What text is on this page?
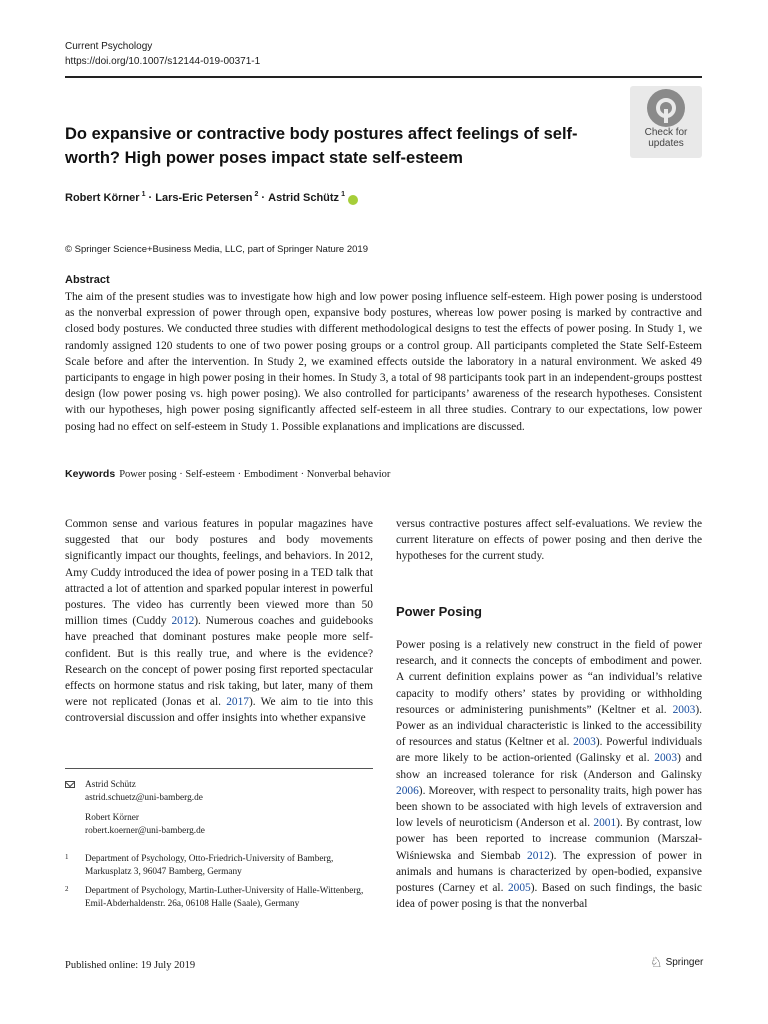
Current Psychology
https://doi.org/10.1007/s12144-019-00371-1
Check for
updates
Do expansive or contractive body postures affect feelings of self-worth? High power poses impact state self-esteem
Robert Körner $^1$ · Lars-Eric Petersen $^2$ · Astrid Schütz $^1$
© Springer Science+Business Media, LLC, part of Springer Nature 2019
Abstract
The aim of the present studies was to investigate how high and low power posing influence self-esteem. High power posing is understood as the nonverbal expression of power through open, expansive body postures, whereas low power posing is marked by contractive and closed body postures. We conducted three studies with different methodological designs to test the effects of power posing. In Study 1, we randomly assigned 120 students to one of two power posing groups or a control group. All participants completed the State Self-Esteem Scale before and after the intervention. In Study 2, we examined effects outside the laboratory in a natural environment. We asked 49 participants to engage in high power posing in their homes. In Study 3, a total of 98 participants took part in an independent-groups posttest design (low power posing vs. high power posing). We also controlled for participants’ awareness of the research hypotheses. Consistent with our hypotheses, high power posing significantly affected self-esteem in all three studies. Contrary to our expectations, low power posing had no effect on self-esteem in Study 1. Possible explanations and implications are discussed.
Keywords Power posing · Self-esteem · Embodiment · Nonverbal behavior
Common sense and various features in popular magazines have suggested that our body postures and body movements significantly impact our thoughts, feelings, and behaviors. In 2012, Amy Cuddy introduced the idea of power posing in a TED talk that attracted a lot of attention and sparked popular interest in powerful postures. The video has currently been viewed more than 50 million times (Cuddy 2012). Numerous coaches and guidebooks have preached that dominant postures make people more self-confident. But is this really true, and where is the evidence? Research on the concept of power posing first reported spectacular effects on hormone status and risk taking, but later, many of them were not replicated (Jonas et al. 2017). We aim to tie into this controversial discussion and offer insights into whether expansive
versus contractive postures affect self-evaluations. We review the current literature on effects of power posing and then derive the hypotheses for the current study.
Power Posing
Power posing is a relatively new construct in the field of power research, and it connects the concepts of embodiment and power. A current definition explains power as “an individual’s relative capacity to modify others’ states by providing or withholding resources or administering punishments” (Keltner et al. 2003). Power as an individual characteristic is linked to the accessibility of resources and status (Keltner et al. 2003). Powerful individuals are more likely to be action-oriented (Galinsky et al. 2003) and show an increased tolerance for risk (Anderson and Galinsky 2006). Moreover, with respect to personality traits, high power has been shown to be associated with high levels of extraversion and low levels of neuroticism (Anderson et al. 2001). By contrast, low power has been reported to increase communion (Marszał-Wiśniewska and Siembab 2012). The expression of power in animals and humans is characterized by open-bodied, expansive postures (Carney et al. 2005). Based on such findings, the basic idea of power posing is that the nonverbal
Astrid Schütz
astrid.schuetz@uni-bamberg.de
Robert Körner
robert.koerner@uni-bamberg.de
1 Department of Psychology, Otto-Friedrich-University of Bamberg, Markusplatz 3, 96047 Bamberg, Germany
2 Department of Psychology, Martin-Luther-University of Halle-Wittenberg, Emil-Abderhaldenstr. 26a, 06108 Halle (Saale), Germany
Published online: 19 July 2019	♘ Springer
